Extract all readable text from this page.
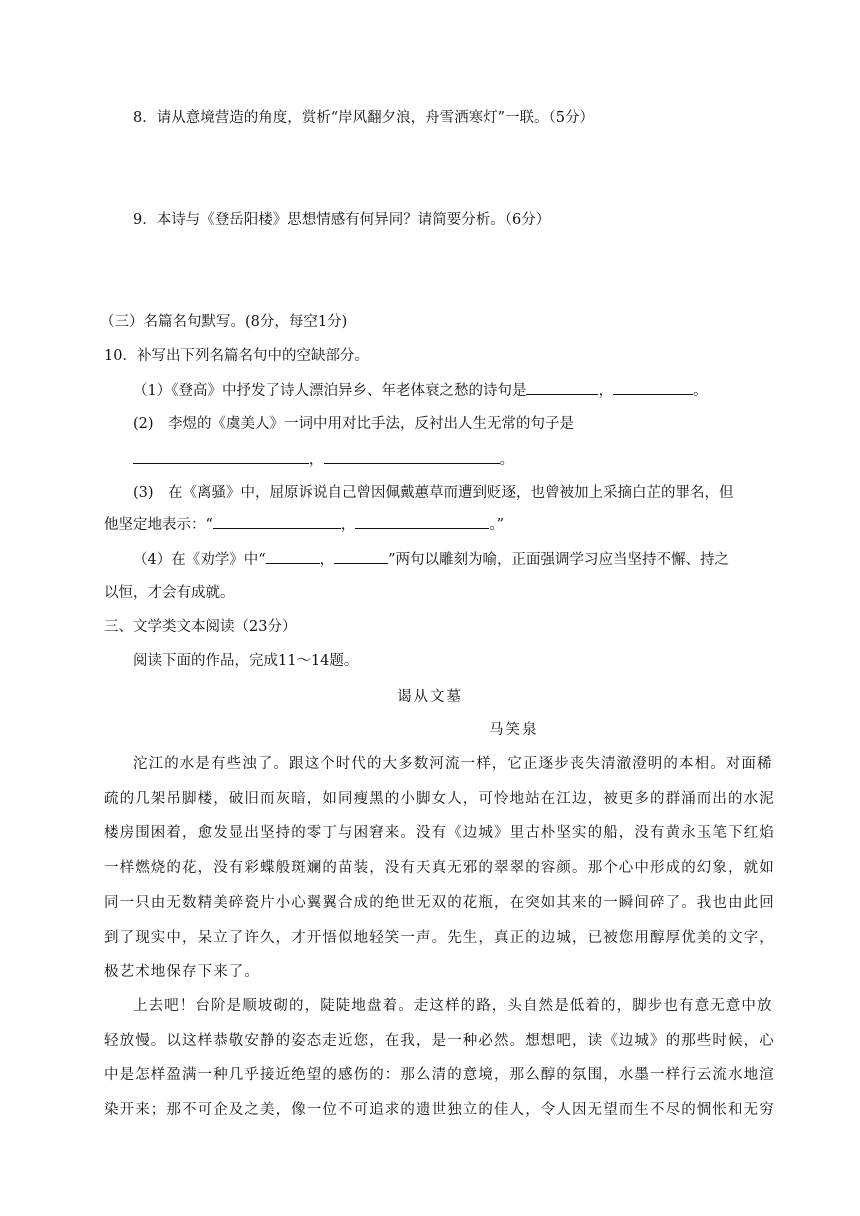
8．请从意境营造的角度，赏析“岸风翻夕浪，舟雪洒寒灯”一联。（5分）
9．本诗与《登岳阳楼》思想情感有何异同？请简要分析。（6分）
（三）名篇名句默写。(8分，每空1分)
10．补写出下列名篇名句中的空缺部分。
（1）《登高》中抒发了诗人漂泊异乡、年老体衰之愁的诗句是	，	。
(2)　李煜的《虞美人》一词中用对比手法，反衬出人生无常的句子是
，	。
(3)　在《离骚》中，屈原诉说自己曾因佩戴蕙草而遭到贬逐，也曾被加上采摘白芷的罪名，但
他坚定地表示：“	，	。”
（4）在《劝学》中“	，	”两句以雕刻为喻，正面强调学习应当坚持不懈、持之
以恒，才会有成就。
三、文学类文本阅读（23分）
阅读下面的作品，完成11～14题。
谒从文墓
马笑泉
沱江的水是有些浊了。跟这个时代的大多数河流一样，它正逐步丧失清澈澄明的本相。对面稀
疏的几架吊脚楼，破旧而灰暗，如同瘦黑的小脚女人，可怜地站在江边，被更多的群涌而出的水泥
楼房围困着，愈发显出坚持的零丁与困窘来。没有《边城》里古朴坚实的船，没有黄永玉笔下红焰
一样燃烧的花，没有彩蝶般斑斓的苗装，没有天真无邪的翠翠的容颜。那个心中形成的幻象，就如
同一只由无数精美碎瓷片小心翼翼合成的绝世无双的花瓶，在突如其来的一瞬间碎了。我也由此回
到了现实中，呆立了许久，才开悟似地轻笑一声。先生，真正的边城，已被您用醇厚优美的文字，
极艺术地保存下来了。
上去吧！台阶是顺坡砌的，陡陡地盘着。走这样的路，头自然是低着的，脚步也有意无意中放
轻放慢。以这样恭敬安静的姿态走近您，在我，是一种必然。想想吧，读《边城》的那些时候，心
中是怎样盈满一种几乎接近绝望的感伤的：那么清的意境，那么醇的氛围，水墨一样行云流水地渲
染开来；那不可企及之美，像一位不可追求的遗世独立的佳人，令人因无望而生不尽的惆怅和无穷
